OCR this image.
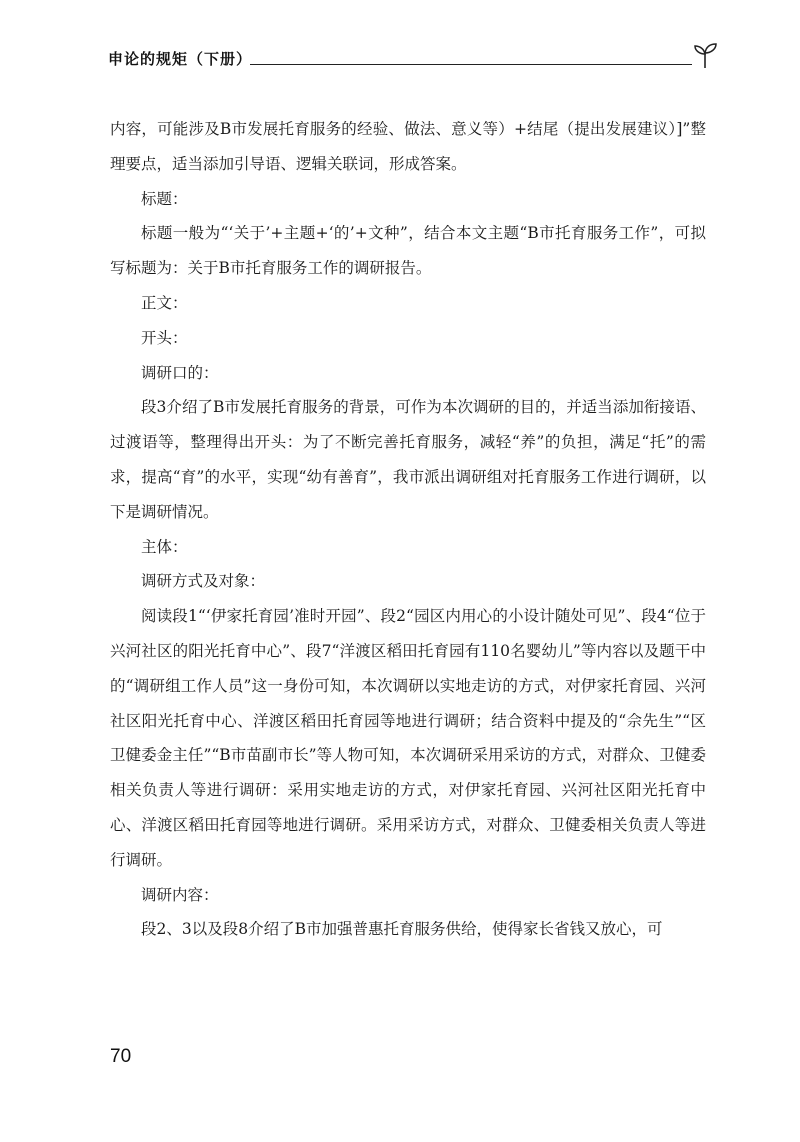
申论的规矩（下册）

内容，可能涉及B市发展托育服务的经验、做法、意义等）+结尾（提出发展建议）]”整理要点，适当添加引导语、逻辑关联词，形成答案。

标题：

标题一般为“‘关于’+主题+‘的’+文种”，结合本文主题“B市托育服务工作”，可拟写标题为：关于B市托育服务工作的调研报告。

正文：

开头：

调研口的：

段3介绍了B市发展托育服务的背景，可作为本次调研的目的，并适当添加衔接语、过渡语等，整理得出开头：为了不断完善托育服务，减轻“养”的负担，满足“托”的需求，提高“育”的水平，实现“幼有善育”，我市派出调研组对托育服务工作进行调研，以下是调研情况。

主体：

调研方式及对象：

阅读段1“‘伊家托育园’准时开园”、段2“园区内用心的小设计随处可见”、段4“位于兴河社区的阳光托育中心”、段7“洋渡区稻田托育园有110名婴幼儿”等内容以及题干中的“调研组工作人员”这一身份可知，本次调研以实地走访的方式，对伊家托育园、兴河社区阳光托育中心、洋渡区稻田托育园等地进行调研；结合资料中提及的“佘先生”“区卫健委金主任”“B市苗副市长”等人物可知，本次调研采用采访的方式，对群众、卫健委相关负责人等进行调研：采用实地走访的方式，对伊家托育园、兴河社区阳光托育中心、洋渡区稻田托育园等地进行调研。采用采访方式，对群众、卫健委相关负责人等进行调研。

调研内容：

段2、3以及段8介绍了B市加强普惠托育服务供给，使得家长省钱又放心，可

70
